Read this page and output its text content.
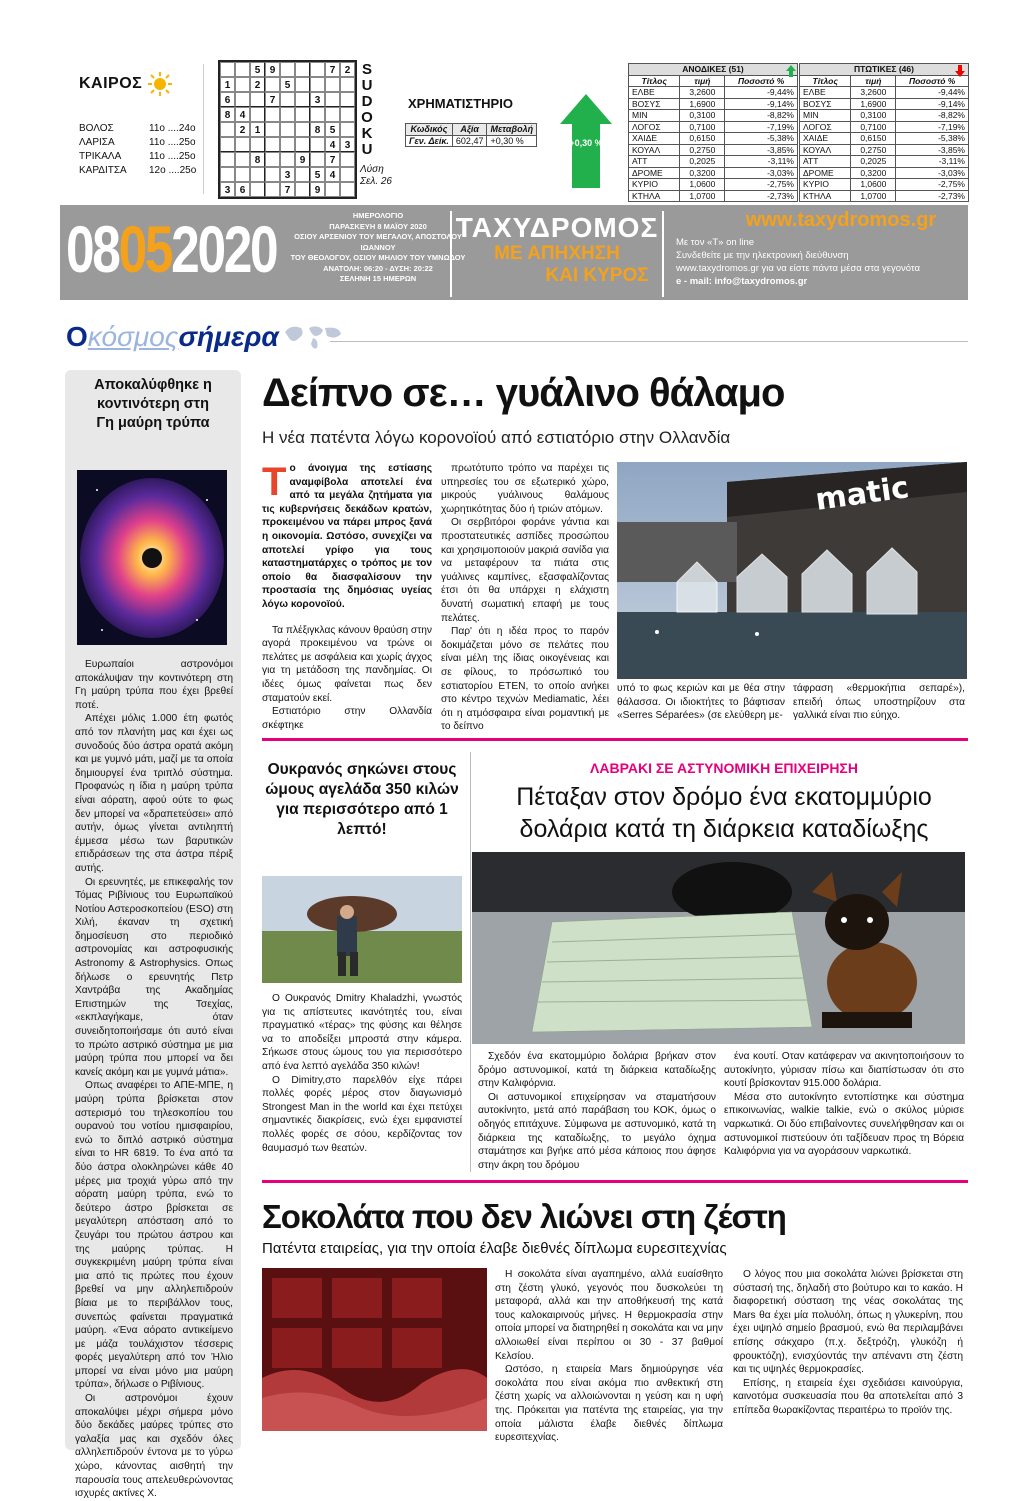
ΚΑΙΡΟΣ
ΒΟΛΟΣ	11ο ....24ο
ΛΑΡΙΣΑ	11ο ....25ο
ΤΡΙΚΑΛΑ	11ο ....25ο
ΚΑΡΔΙΤΣΑ	12ο ....25ο
5 9	7 2
1	2	5
6	7	3
8 4
2 1	8 5
4 3
8	9	7
3	5 4
3 6	7	9
S
U
D
O
K
U
Λύση
Σελ. 26
ΧΡΗΜΑΤΙΣΤΗΡΙΟ
Κωδικός	Αξία	Μεταβολή
Γεν. Δείκ.	602,47	+0,30 %	+0,30 %
ΑΝΟΔΙΚΕΣ (51)		
Τίτλος	τιμή	Ποσοστό %
ΕΛΒΕ	3,2600	-9,44%
ΒΟΣΥΣ	1,6900	-9,14%
ΜΙΝ	0,3100	-8,82%
ΛΟΓΟΣ	0,7100	-7,19%
ΧΑΙΔΕ	0,6150	-5,38%
ΚΟΥΑΛ	0,2750	-3,85%
ΑΤΤ	0,2025	-3,11%
ΔΡΟΜΕ	0,3200	-3,03%
ΚΥΡΙΟ	1,0600	-2,75%
ΚΤΗΛΑ	1,0700	-2,73%
ΠΤΩΤΙΚΕΣ (46)		
Τίτλος	τιμή	Ποσοστό %
ΕΛΒΕ	3,2600	-9,44%
ΒΟΣΥΣ	1,6900	-9,14%
ΜΙΝ	0,3100	-8,82%
ΛΟΓΟΣ	0,7100	-7,19%
ΧΑΙΔΕ	0,6150	-5,38%
ΚΟΥΑΛ	0,2750	-3,85%
ΑΤΤ	0,2025	-3,11%
ΔΡΟΜΕ	0,3200	-3,03%
ΚΥΡΙΟ	1,0600	-2,75%
ΚΤΗΛΑ	1,0700	-2,73%
08052020	ΗΜΕΡΟΛΟΓΙΟ
ΠΑΡΑΣΚΕΥΗ 8 ΜΑΪΟΥ 2020
ΟΣΙΟΥ ΑΡΣΕΝΙΟΥ ΤΟΥ ΜΕΓΑΛΟΥ, ΑΠΟΣΤΟΛΟΥ ΙΩΑΝΝΟΥ
ΤΟΥ ΘΕΟΛΟΓΟΥ, ΟΣΙΟΥ ΜΗΛΙΟΥ ΤΟΥ ΥΜΝΩΔΟΥ
ΑΝΑΤΟΛΗ: 06:20 - ΔΥΣΗ: 20:22
ΣΕΛΗΝΗ 15 ΗΜΕΡΩΝ
ΤΑΧΥΔΡΟΜΟΣ
ΜΕ ΑΠΗΧΗΣΗ
ΚΑΙ ΚΥΡΟΣ
www.taxydromos.gr
Με τον «Τ» on line
Συνδεθείτε με την ηλεκτρονική διεύθυνση
www.taxydromos.gr για να είστε πάντα μέσα στα γεγονότα
e - mail: info@taxydromos.gr
Ο κόσμος σήμερα
Αποκαλύφθηκε η κοντινότερη στη Γη μαύρη τρύπα

Ευρωπαίοι αστρονόμοι αποκάλυψαν την κοντινότερη στη Γη μαύρη τρύπα που έχει βρεθεί ποτέ.

Απέχει μόλις 1.000 έτη φωτός από τον πλανήτη μας και έχει ως συνοδούς δύο άστρα ορατά ακόμη και με γυμνό μάτι, μαζί με τα οποία δημιουργεί ένα τριπλό σύστημα. Προφανώς η ίδια η μαύρη τρύπα είναι αόρατη, αφού ούτε το φως δεν μπορεί να «δραπετεύσει» από αυτήν, όμως γίνεται αντιληπτή έμμεσα μέσω των βαρυτικών επιδράσεων της στα άστρα πέριξ αυτής.

Οι ερευνητές, με επικεφαλής τον Τόμας Ριβίνιους του Ευρωπαϊκού Νοτίου Αστεροσκοπείου (ESO) στη Χιλή, έκαναν τη σχετική δημοσίευση στο περιοδικό αστρονομίας και αστροφυσικής Astronomy & Astrophysics. Οπως δήλωσε ο ερευνητής Πετρ Χαντράβα της Ακαδημίας Επιστημών της Τσεχίας, «εκπλαγήκαμε, όταν συνειδητοποιήσαμε ότι αυτό είναι το πρώτο αστρικό σύστημα με μια μαύρη τρύπα που μπορεί να δει κανείς ακόμη και με γυμνά μάτια».

Οπως αναφέρει το ΑΠΕ-ΜΠΕ, η μαύρη τρύπα βρίσκεται στον αστερισμό του τηλεσκοπίου του ουρανού του νοτίου ημισφαιρίου, ενώ το διπλό αστρικό σύστημα είναι το HR 6819. Το ένα από τα δύο άστρα ολοκληρώνει κάθε 40 μέρες μια τροχιά γύρω από την αόρατη μαύρη τρύπα, ενώ το δεύτερο άστρο βρίσκεται σε μεγαλύτερη απόσταση από το ζευγάρι του πρώτου άστρου και της μαύρης τρύπας. Η συγκεκριμένη μαύρη τρύπα είναι μια από τις πρώτες που έχουν βρεθεί να μην αλληλεπιδρούν βίαια με το περιβάλλον τους, συνεπώς φαίνεται πραγματικά μαύρη. «Ένα αόρατο αντικείμενο με μάζα τουλάχιστον τέσσερις φορές μεγαλύτερη από τον Ήλιο μπορεί να είναι μόνο μια μαύρη τρύπα», δήλωσε ο Ριβίνιους.

Οι αστρονόμοι έχουν αποκαλύψει μέχρι σήμερα μόνο δύο δεκάδες μαύρες τρύπες στο γαλαξία μας και σχεδόν όλες αλληλεπιδρούν έντονα με το γύρω χώρο, κάνοντας αισθητή την παρουσία τους απελευθερώνοντας ισχυρές ακτίνες Χ.

Δείπνο σε… γυάλινο θάλαμο
Η νέα πατέντα λόγω κορονοϊού από εστιατόριο στην Ολλανδία
Τ ο άνοιγμα της εστίασης αναμφίβολα αποτελεί ένα από τα μεγάλα ζητήματα για τις κυβερνήσεις δεκάδων κρατών, προκειμένου να πάρει μπρος ξανά η οικονομία. Ωστόσο, συνεχίζει να αποτελεί γρίφο για τους καταστηματάρχες ο τρόπος με τον οποίο θα διασφαλίσουν την προστασία της δημόσιας υγείας λόγω κορονοϊού.

Τα πλέξιγκλας κάνουν θραύση στην αγορά προκειμένου να τρώνε οι πελάτες με ασφάλεια και χωρίς άγχος για τη μετάδοση της πανδημίας. Οι ιδέες όμως φαίνεται πως δεν σταματούν εκεί.

Εστιατόριο στην Ολλανδία σκέφτηκε

πρωτότυπο τρόπο να παρέχει τις υπηρεσίες του σε εξωτερικό χώρο, μικρούς γυάλινους θαλάμους χωρητικότητας δύο ή τριών ατόμων.

Οι σερβιτόροι φοράνε γάντια και προστατευτικές ασπίδες προσώπου και χρησιμοποιούν μακριά σανίδα για να μεταφέρουν τα πιάτα στις γυάλινες καμπίνες, εξασφαλίζοντας έτσι ότι θα υπάρχει η ελάχιστη δυνατή σωματική επαφή με τους πελάτες.

Παρ' ότι η ιδέα προς το παρόν δοκιμάζεται μόνο σε πελάτες που είναι μέλη της ίδιας οικογένειας και σε φίλους, το πρόσωπικό του εστιατορίου ΕΤΕΝ, το οποίο ανήκει στο κέντρο τεχνών Mediamatic, λέει ότι η ατμόσφαιρα είναι ρομαντική με το δείπνο

matic
υπό το φως κεριών και με θέα στην θάλασσα. Οι ιδιοκτήτες το βάφτισαν «Serres Séparées» (σε ελεύθερη με-
τάφραση «θερμοκήπια σεπαρέ»), επειδή όπως υποστηρίζουν στα γαλλικά είναι πιο εύηχο.
Ουκρανός σηκώνει στους ώμους αγελάδα 350 κιλών για περισσότερο από 1 λεπτό!

Ο Ουκρανός Dmitry Khaladzhi, γνωστός για τις απίστευτες ικανότητές του, είναι πραγματικό «τέρας» της φύσης και θέλησε να το αποδείξει μπροστά στην κάμερα. Σήκωσε στους ώμους του για περισσότερο από ένα λεπτό αγελάδα 350 κιλών!

Ο Dimitry,στο παρελθόν είχε πάρει πολλές φορές μέρος στον διαγωνισμό Strongest Man in the world και έχει πετύχει σημαντικές διακρίσεις, ενώ έχει εμφανιστεί πολλές φορές σε σόου, κερδίζοντας τον θαυμασμό των θεατών.

ΛΑΒΡΑΚΙ ΣΕ ΑΣΤΥΝΟΜΙΚΗ ΕΠΙΧΕΙΡΗΣΗ
Πέταξαν στον δρόμο ένα εκατομμύριο
δολάρια κατά τη διάρκεια καταδίωξης

Σχεδόν ένα εκατομμύριο δολάρια βρήκαν στον δρόμο αστυνομικοί, κατά τη διάρκεια καταδίωξης στην Καλιφόρνια.

Οι αστυνομικοί επιχείρησαν να σταματήσουν αυτοκίνητο, μετά από παράβαση του ΚΟΚ, όμως ο οδηγός επιτάχυνε. Σύμφωνα με αστυνομικό, κατά τη διάρκεια της καταδίωξης, το μεγάλο όχημα σταμάτησε και βγήκε από μέσα κάποιος που άφησε στην άκρη του δρόμου

ένα κουτί. Οταν κατάφεραν να ακινητοποιήσουν το αυτοκίνητο, γύρισαν πίσω και διαπίστωσαν ότι στο κουτί βρίσκονταν 915.000 δολάρια.

Μέσα στο αυτοκίνητο εντοπίστηκε και σύστημα επικοινωνίας, walkie talkie, ενώ ο σκύλος μύρισε ναρκωτικά. Οι δύο επιβαίνοντες συνελήφθησαν και οι αστυνομικοί πιστεύουν ότι ταξίδευαν προς τη Βόρεια Καλιφόρνια για να αγοράσουν ναρκωτικά.

Σοκολάτα που δεν λιώνει στη ζέστη
Πατέντα εταιρείας, για την οποία έλαβε διεθνές δίπλωμα ευρεσιτεχνίας

Η σοκολάτα είναι αγαπημένο, αλλά ευαίσθητο στη ζέστη γλυκό, γεγονός που δυσκολεύει τη μεταφορά, αλλά και την αποθήκευσή της κατά τους καλοκαιρινούς μήνες. Η θερμοκρασία στην οποία μπορεί να διατηρηθεί η σοκολάτα και να μην αλλοιωθεί είναι περίπου οι 30 - 37 βαθμοί Κελσίου.

Ωστόσο, η εταιρεία Mars δημιούργησε νέα σοκολάτα που είναι ακόμα πιο ανθεκτική στη ζέστη χωρίς να αλλοιώνονται η γεύση και η υφή της. Πρόκειται για πατέντα της εταιρείας, για την οποία μάλιστα έλαβε διεθνές δίπλωμα ευρεσιτεχνίας.

Ο λόγος που μια σοκολάτα λιώνει βρίσκεται στη σύστασή της, δηλαδή στο βούτυρο και το κακάο. Η διαφορετική σύσταση της νέας σοκολάτας της Mars θα έχει μία πολυόλη, όπως η γλυκερίνη, που έχει υψηλό σημείο βρασμού, ενώ θα περιλαμβάνει επίσης σάκχαρο (π.χ. δεξτρόζη, γλυκόζη ή φρουκτόζη), ενισχύοντάς την απέναντι στη ζέστη και τις υψηλές θερμοκρασίες.

Επίσης, η εταιρεία έχει σχεδιάσει καινούργια, καινοτόμα συσκευασία που θα αποτελείται από 3 επίπεδα θωρακίζοντας περαιτέρω το προϊόν της.
